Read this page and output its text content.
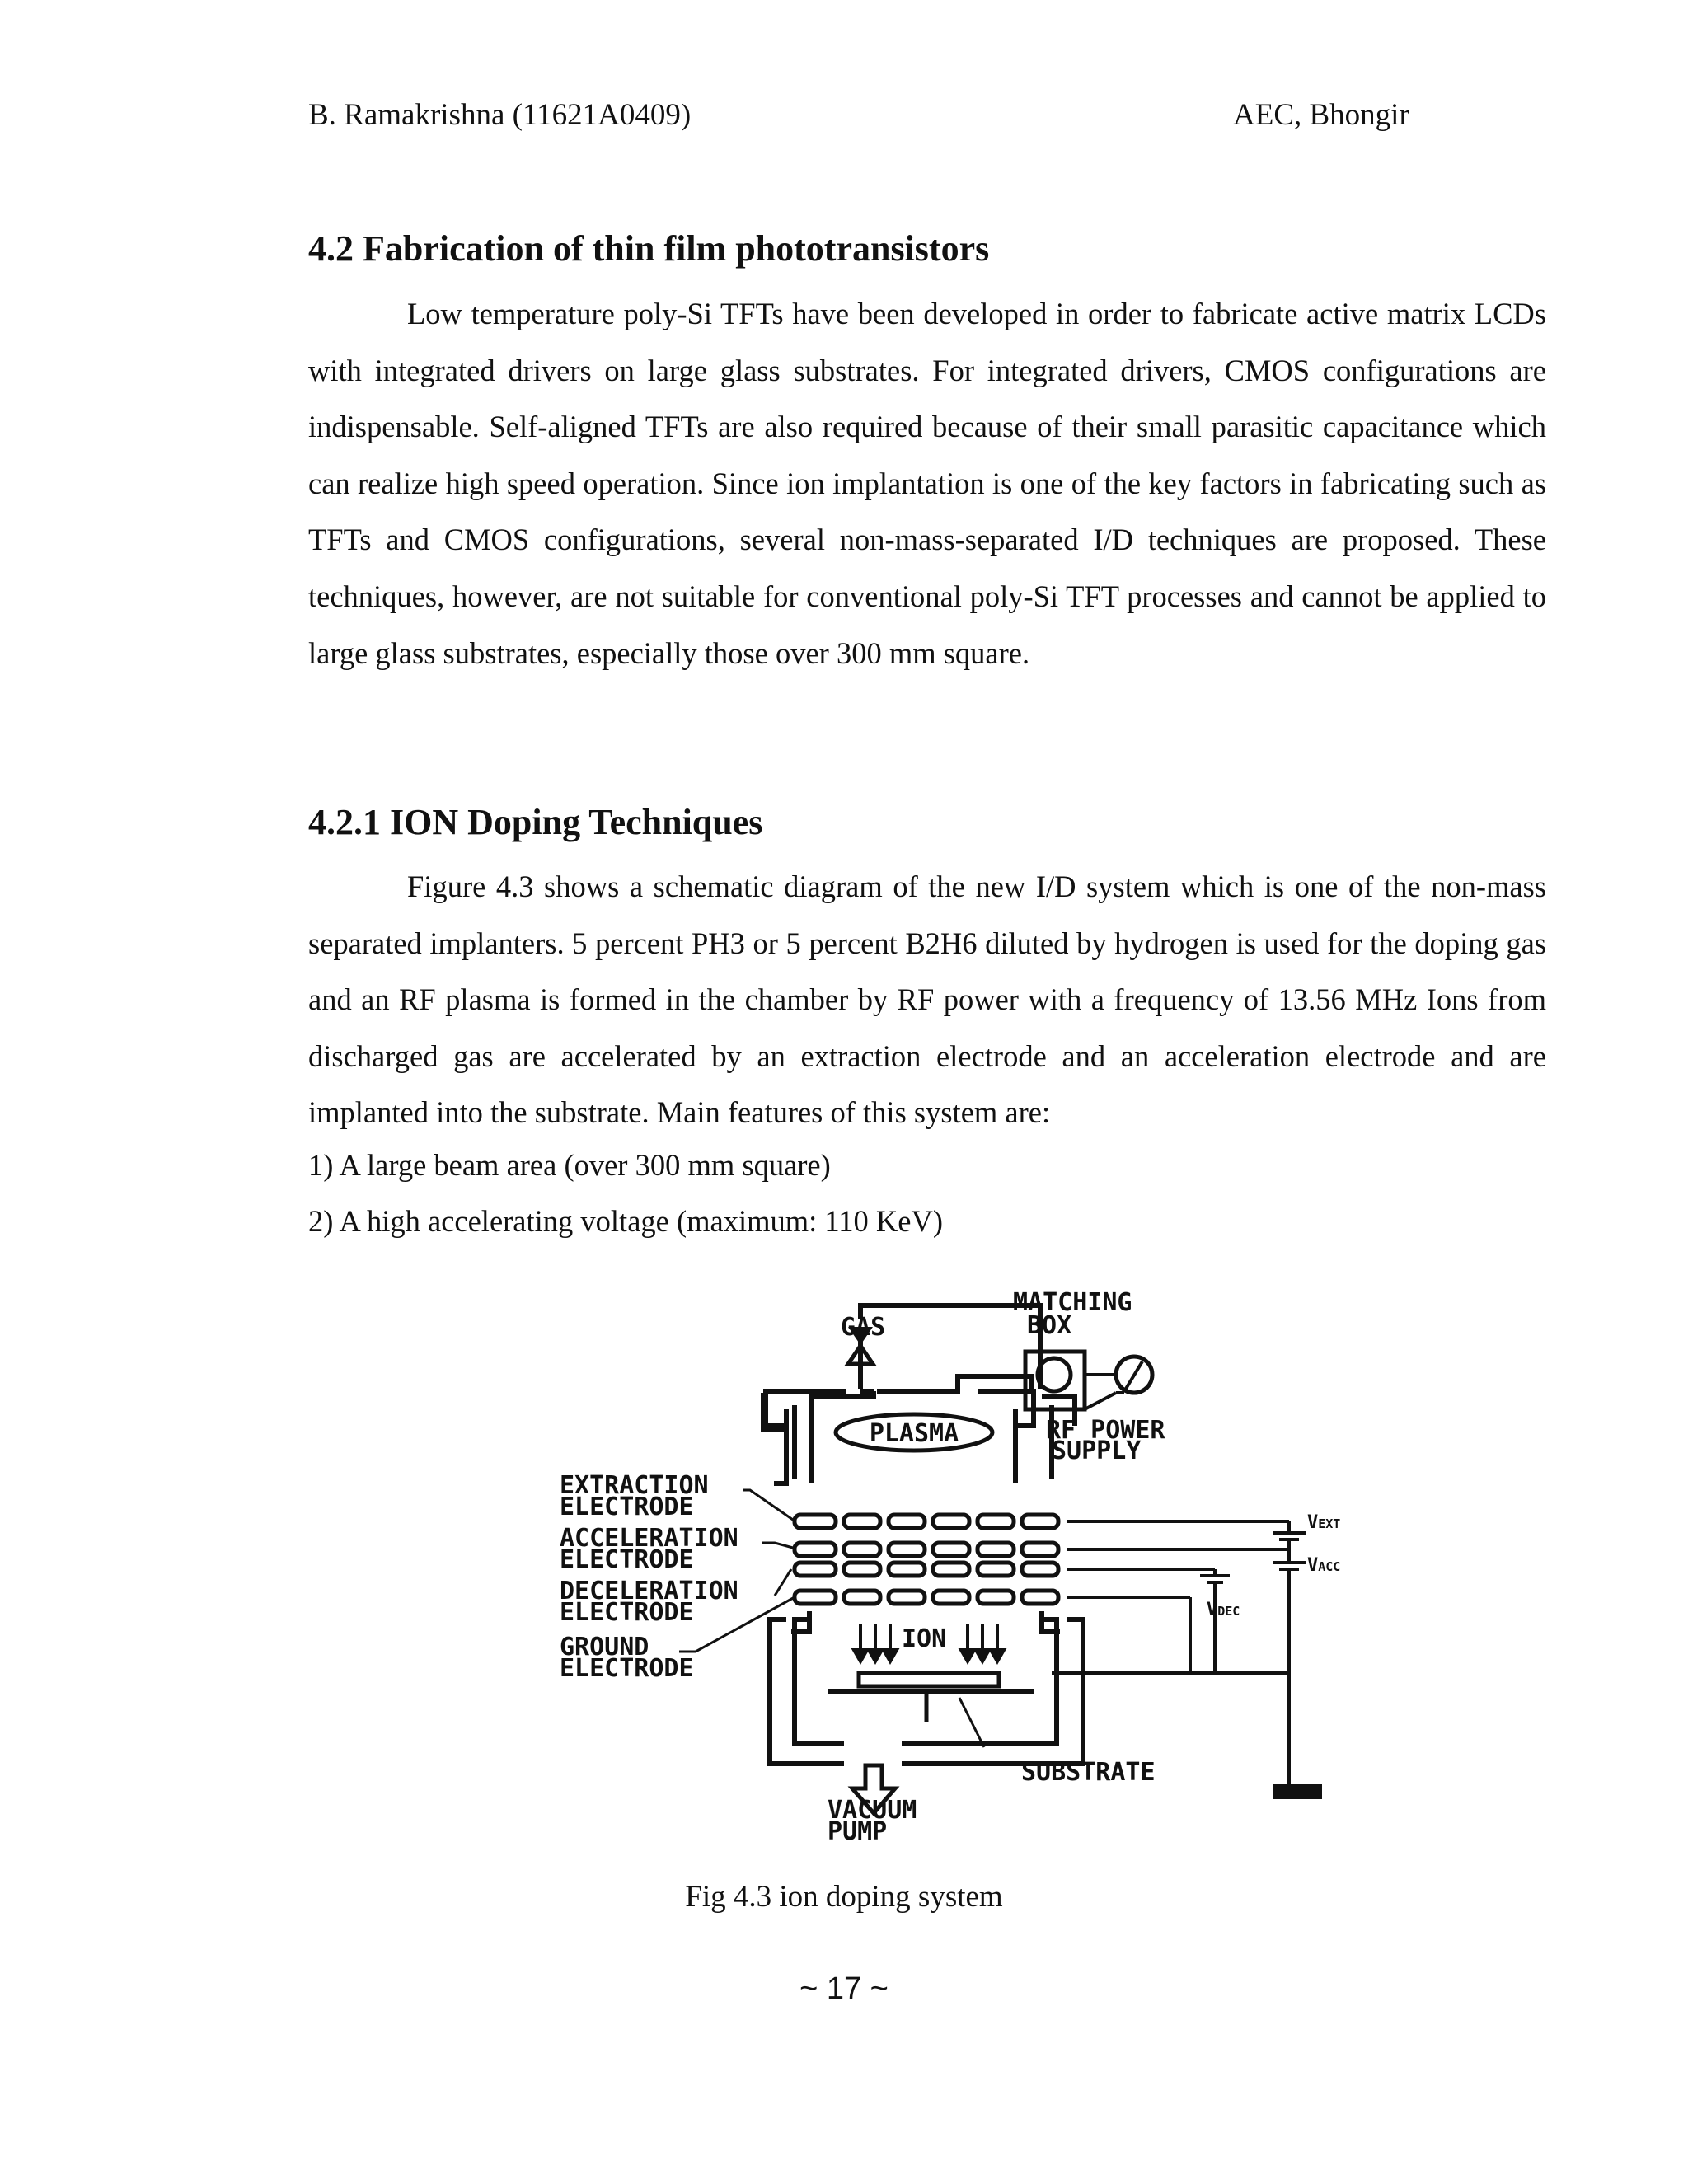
B. Ramakrishna (11621A0409)	AEC, Bhongir
4.2 Fabrication of thin film phototransistors

Low temperature poly-Si TFTs have been developed in order to fabricate active matrix LCDs with integrated drivers on large glass substrates. For integrated drivers, CMOS configurations are indispensable. Self-aligned TFTs are also required because of their small parasitic capacitance which can realize high speed operation. Since ion implantation is one of the key factors in fabricating such as TFTs and CMOS configurations, several non-mass-separated I/D techniques are proposed. These techniques, however, are not suitable for conventional poly-Si TFT processes and cannot be applied to large glass substrates, especially those over 300 mm square.

4.2.1 ION Doping Techniques

Figure 4.3 shows a schematic diagram of the new I/D system which is one of the non-mass separated implanters. 5 percent PH3 or 5 percent B2H6 diluted by hydrogen is used for the doping gas and an RF plasma is formed in the chamber by RF power with a frequency of 13.56 MHz Ions from discharged gas are accelerated by an extraction electrode and an acceleration electrode and are implanted into the substrate. Main features of this system are:

1) A large beam area (over 300 mm square)

2) A high accelerating voltage (maximum: 110 KeV)

PLASMA
MATCHING
BOX
GAS
RF POWER
SUPPLY
ION
SUBSTRATE
VACUUM
PUMP
EXTRACTION
ELECTRODE
ACCELERATION
ELECTRODE
DECELERATION
ELECTRODE
GROUND
ELECTRODE
VEXT
VACC
VDEC
Fig 4.3 ion doping system
~ 17 ~
